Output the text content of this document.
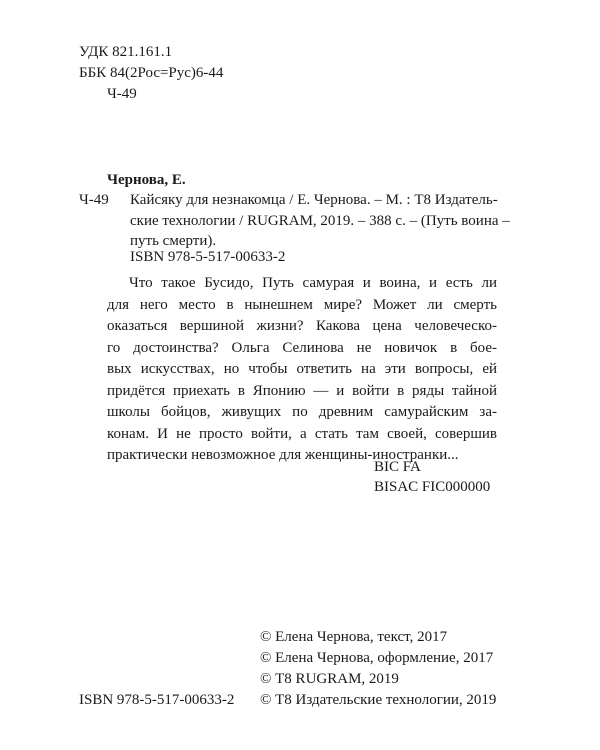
УДК 821.161.1
ББК 84(2Рос=Рус)6-44
Ч-49
Чернова, Е.
Ч-49 Кайсяку для незнакомца / Е. Чернова. – М. : Т8 Издатель-
ские технологии / RUGRAM, 2019. – 388 с. – (Путь воина –
путь смерти).
ISBN 978-5-517-00633-2
Что такое Бусидо, Путь самурая и воина, и есть ли
для него место в нынешнем мире? Может ли смерть
оказаться вершиной жизни? Какова цена человеческо-
го достоинства? Ольга Селинова не новичок в бое-
вых искусствах, но чтобы ответить на эти вопросы, ей
придётся приехать в Японию — и войти в ряды тайной
школы бойцов, живущих по древним самурайским за-
конам. И не просто войти, а стать там своей, совершив
практически невозможное для женщины-иностранки...
BIC FA
BISAC FIC000000
© Елена Чернова, текст, 2017
© Елена Чернова, оформление, 2017
© Т8 RUGRAM, 2019
© Т8 Издательские технологии, 2019
ISBN 978-5-517-00633-2
